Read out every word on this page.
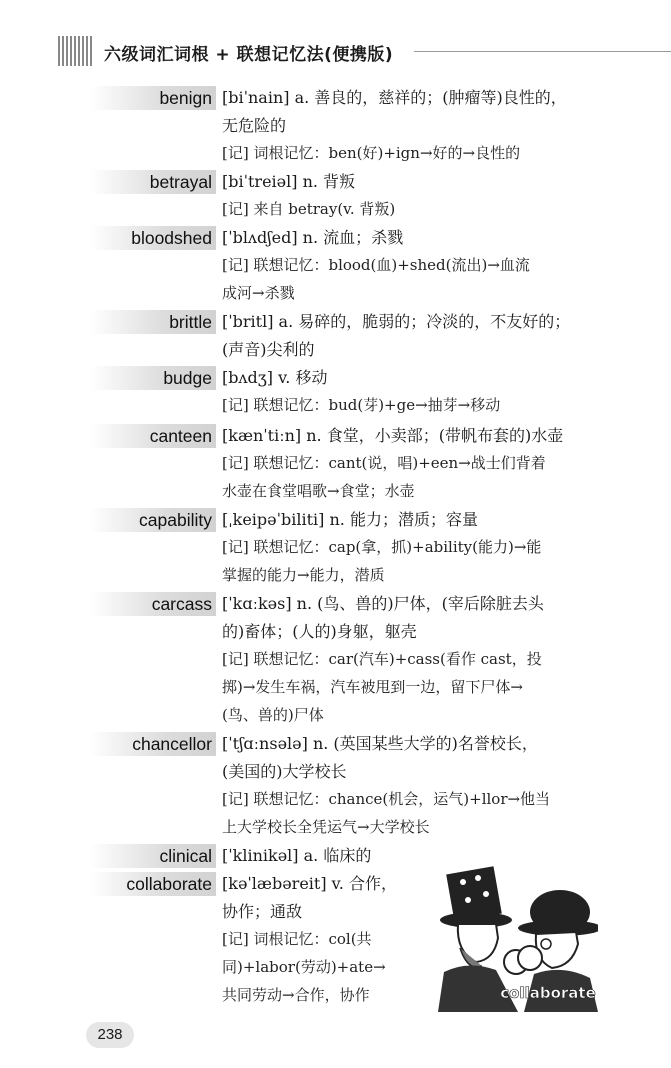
六级词汇词根 + 联想记忆法(便携版)
benign [biˈnain] a. 善良的，慈祥的；(肿瘤等)良性的，
无危险的
[记] 词根记忆：ben(好)+ign→好的→良性的
betrayal [biˈtreiəl] n. 背叛
[记] 来自 betray(v. 背叛)
bloodshed [ˈblʌdʃed] n. 流血；杀戮
[记] 联想记忆：blood(血)+shed(流出)→血流
成河→杀戮
brittle [ˈbritl] a. 易碎的，脆弱的；冷淡的，不友好的；
(声音)尖利的
budge [bʌdʒ] v. 移动
[记] 联想记忆：bud(芽)+ge→抽芽→移动
canteen [kænˈtiːn] n. 食堂，小卖部；(带帆布套的)水壶
[记] 联想记忆：cant(说，唱)+een→战士们背着
水壶在食堂唱歌→食堂；水壶
capability [ˌkeipəˈbiliti] n. 能力；潜质；容量
[记] 联想记忆：cap(拿，抓)+ability(能力)→能
掌握的能力→能力，潜质
carcass [ˈkɑːkəs] n. (鸟、兽的)尸体，(宰后除脏去头
的)畜体；(人的)身躯，躯壳
[记] 联想记忆：car(汽车)+cass(看作 cast，投
掷)→发生车祸，汽车被甩到一边，留下尸体→
(鸟、兽的)尸体
chancellor [ˈtʃɑːnsələ] n. (英国某些大学的)名誉校长，
(美国的)大学校长
[记] 联想记忆：chance(机会，运气)+llor→他当
上大学校长全凭运气→大学校长
clinical [ˈklinikəl] a. 临床的
collaborate [kəˈlæbəreit] v. 合作，
协作；通敌
[记] 词根记忆：col(共
同)+labor(劳动)+ate→
共同劳动→合作，协作	collaborate
238
